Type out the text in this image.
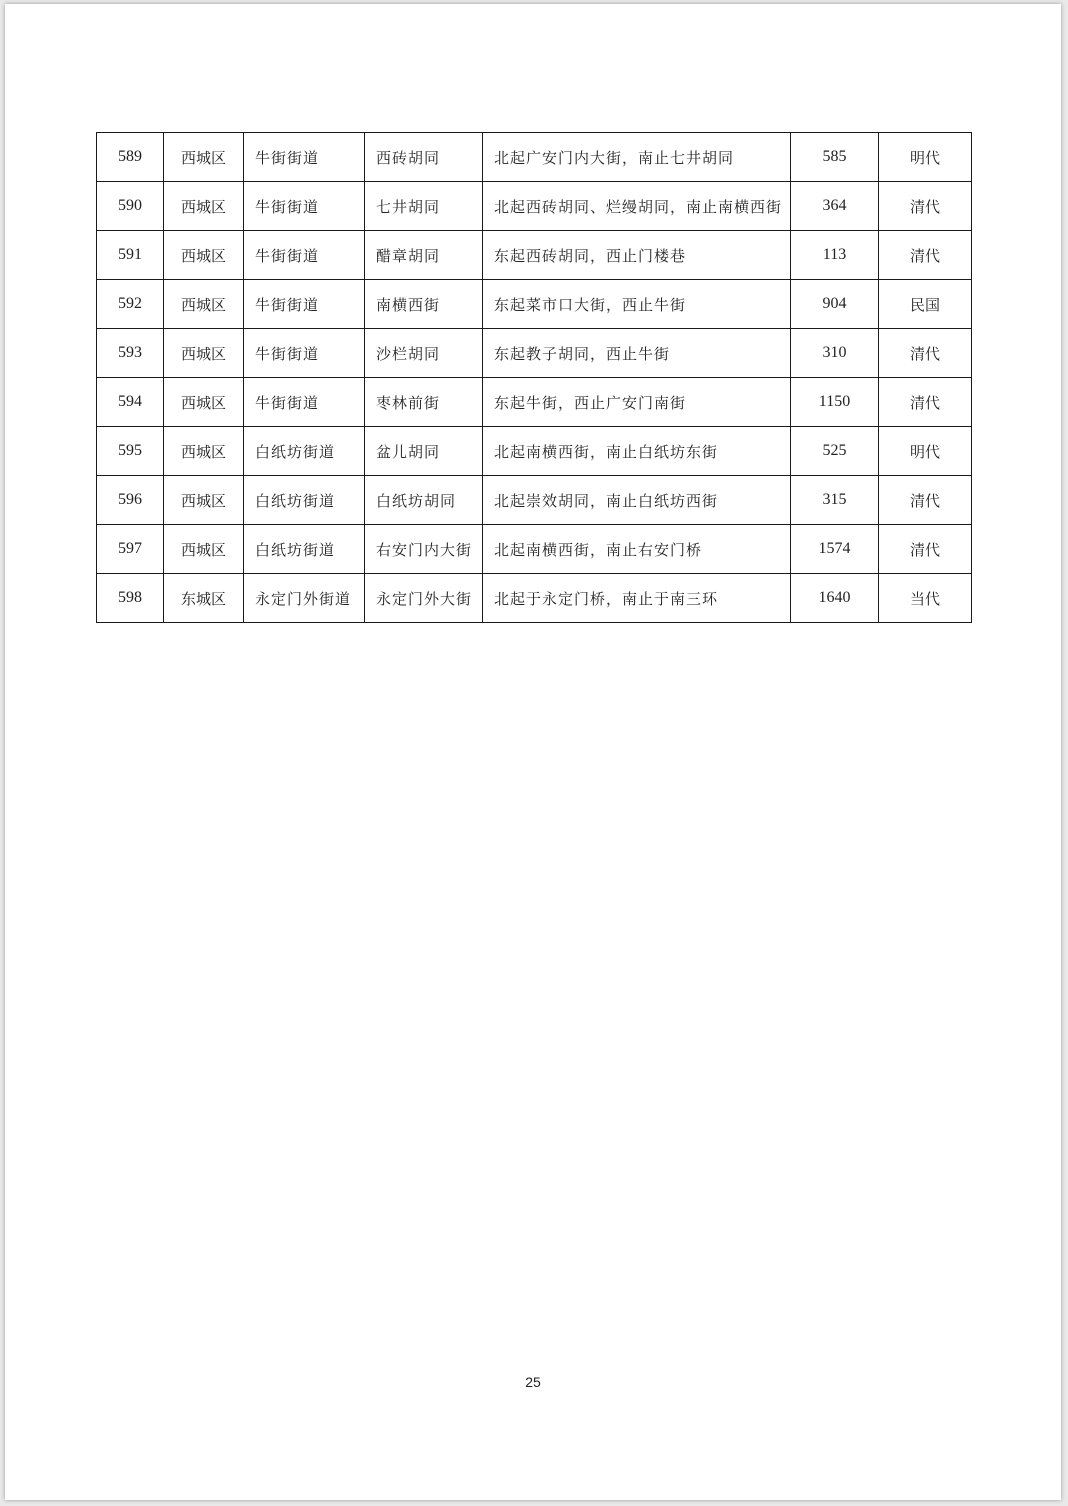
589	西城区	牛街街道	西砖胡同	北起广安门内大街，南止七井胡同	585	明代
590	西城区	牛街街道	七井胡同	北起西砖胡同、烂缦胡同，南止南横西街	364	清代
591	西城区	牛街街道	醋章胡同	东起西砖胡同，西止门楼巷	113	清代
592	西城区	牛街街道	南横西街	东起菜市口大街，西止牛街	904	民国
593	西城区	牛街街道	沙栏胡同	东起教子胡同，西止牛街	310	清代
594	西城区	牛街街道	枣林前街	东起牛街，西止广安门南街	1150	清代
595	西城区	白纸坊街道	盆儿胡同	北起南横西街，南止白纸坊东街	525	明代
596	西城区	白纸坊街道	白纸坊胡同	北起崇效胡同，南止白纸坊西街	315	清代
597	西城区	白纸坊街道	右安门内大街	北起南横西街，南止右安门桥	1574	清代
598	东城区	永定门外街道	永定门外大街	北起于永定门桥，南止于南三环	1640	当代
25
